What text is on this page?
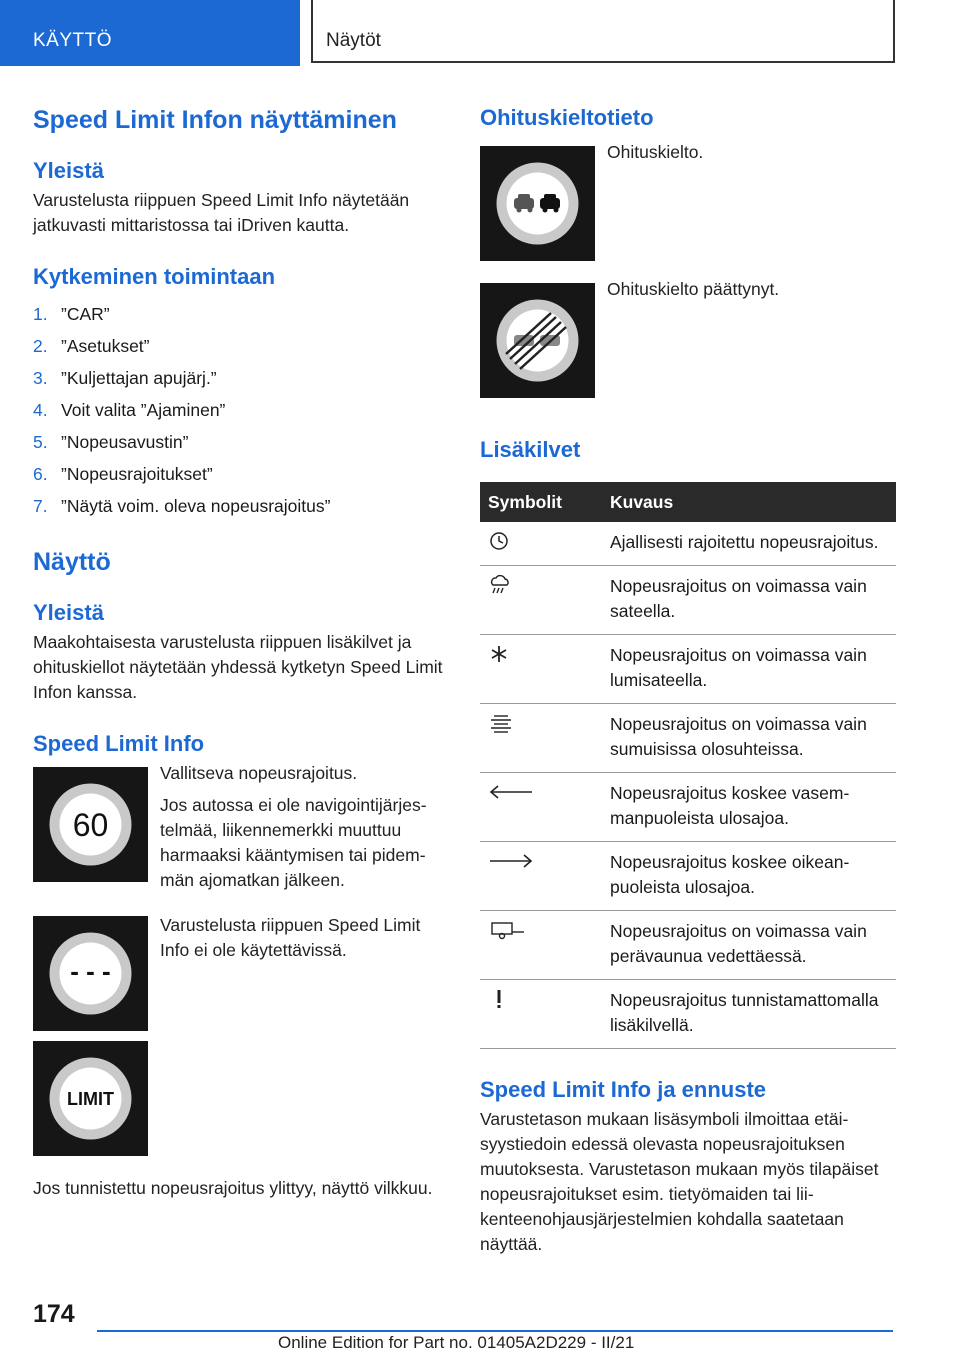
KÄYTTÖ	Näytöt
Speed Limit Infon näyttäminen
Yleistä

Varustelusta riippuen Speed Limit Info näytetään jatkuvasti mittaristossa tai iDriven kautta.

Kytkeminen toimintaan
1. ”CAR”
2. ”Asetukset”
3. ”Kuljettajan apujärj.”
4. Voit valita ”Ajaminen”
5. ”Nopeusavustin”
6. ”Nopeusrajoitukset”
7. ”Näytä voim. oleva nopeusrajoitus”
Näyttö
Yleistä

Maakohtaisesta varustelusta riippuen lisäkilvet ja ohituskiellot näytetään yhdessä kytketyn Speed Limit Infon kanssa.

Speed Limit Info
60

Vallitseva nopeusrajoitus.

Jos autossa ei ole navigointijärjestelmää, liikennemerkki muuttuu harmaaksi kääntymisen tai pidemmän ajomatkan jälkeen.

- - -

Varustelusta riippuen Speed Limit Info ei ole käytettävissä.

LIMIT

Jos tunnistettu nopeusrajoitus ylittyy, näyttö vilkkuu.

Ohituskieltotieto

Ohituskielto.

Ohituskielto päättynyt.

Lisäkilvet
Symbolit	Kuvaus

	Ajallisesti rajoitettu nopeusrajoitus.

	Nopeusrajoitus on voimassa vain sateella.

	Nopeusrajoitus on voimassa vain lumisateella.

	Nopeusrajoitus on voimassa vain sumuisissa olosuhteissa.

	Nopeusrajoitus koskee vasemmanpuoleista ulosajoa.

	Nopeusrajoitus koskee oikeanpuoleista ulosajoa.

	Nopeusrajoitus on voimassa vain perävaunua vedettäessä.

	Nopeusrajoitus tunnistamattomalla lisäkilvellä.
Speed Limit Info ja ennuste

Varustetason mukaan lisäsymboli ilmoittaa etäisyystiedoin edessä olevasta nopeusrajoituksen muutoksesta. Varustetason mukaan myös tilapäiset nopeusrajoitukset esim. tietyömaiden tai liikenteenohjausjärjestelmien kohdalla saatetaan näyttää.

174
Online Edition for Part no. 01405A2D229 - II/21
